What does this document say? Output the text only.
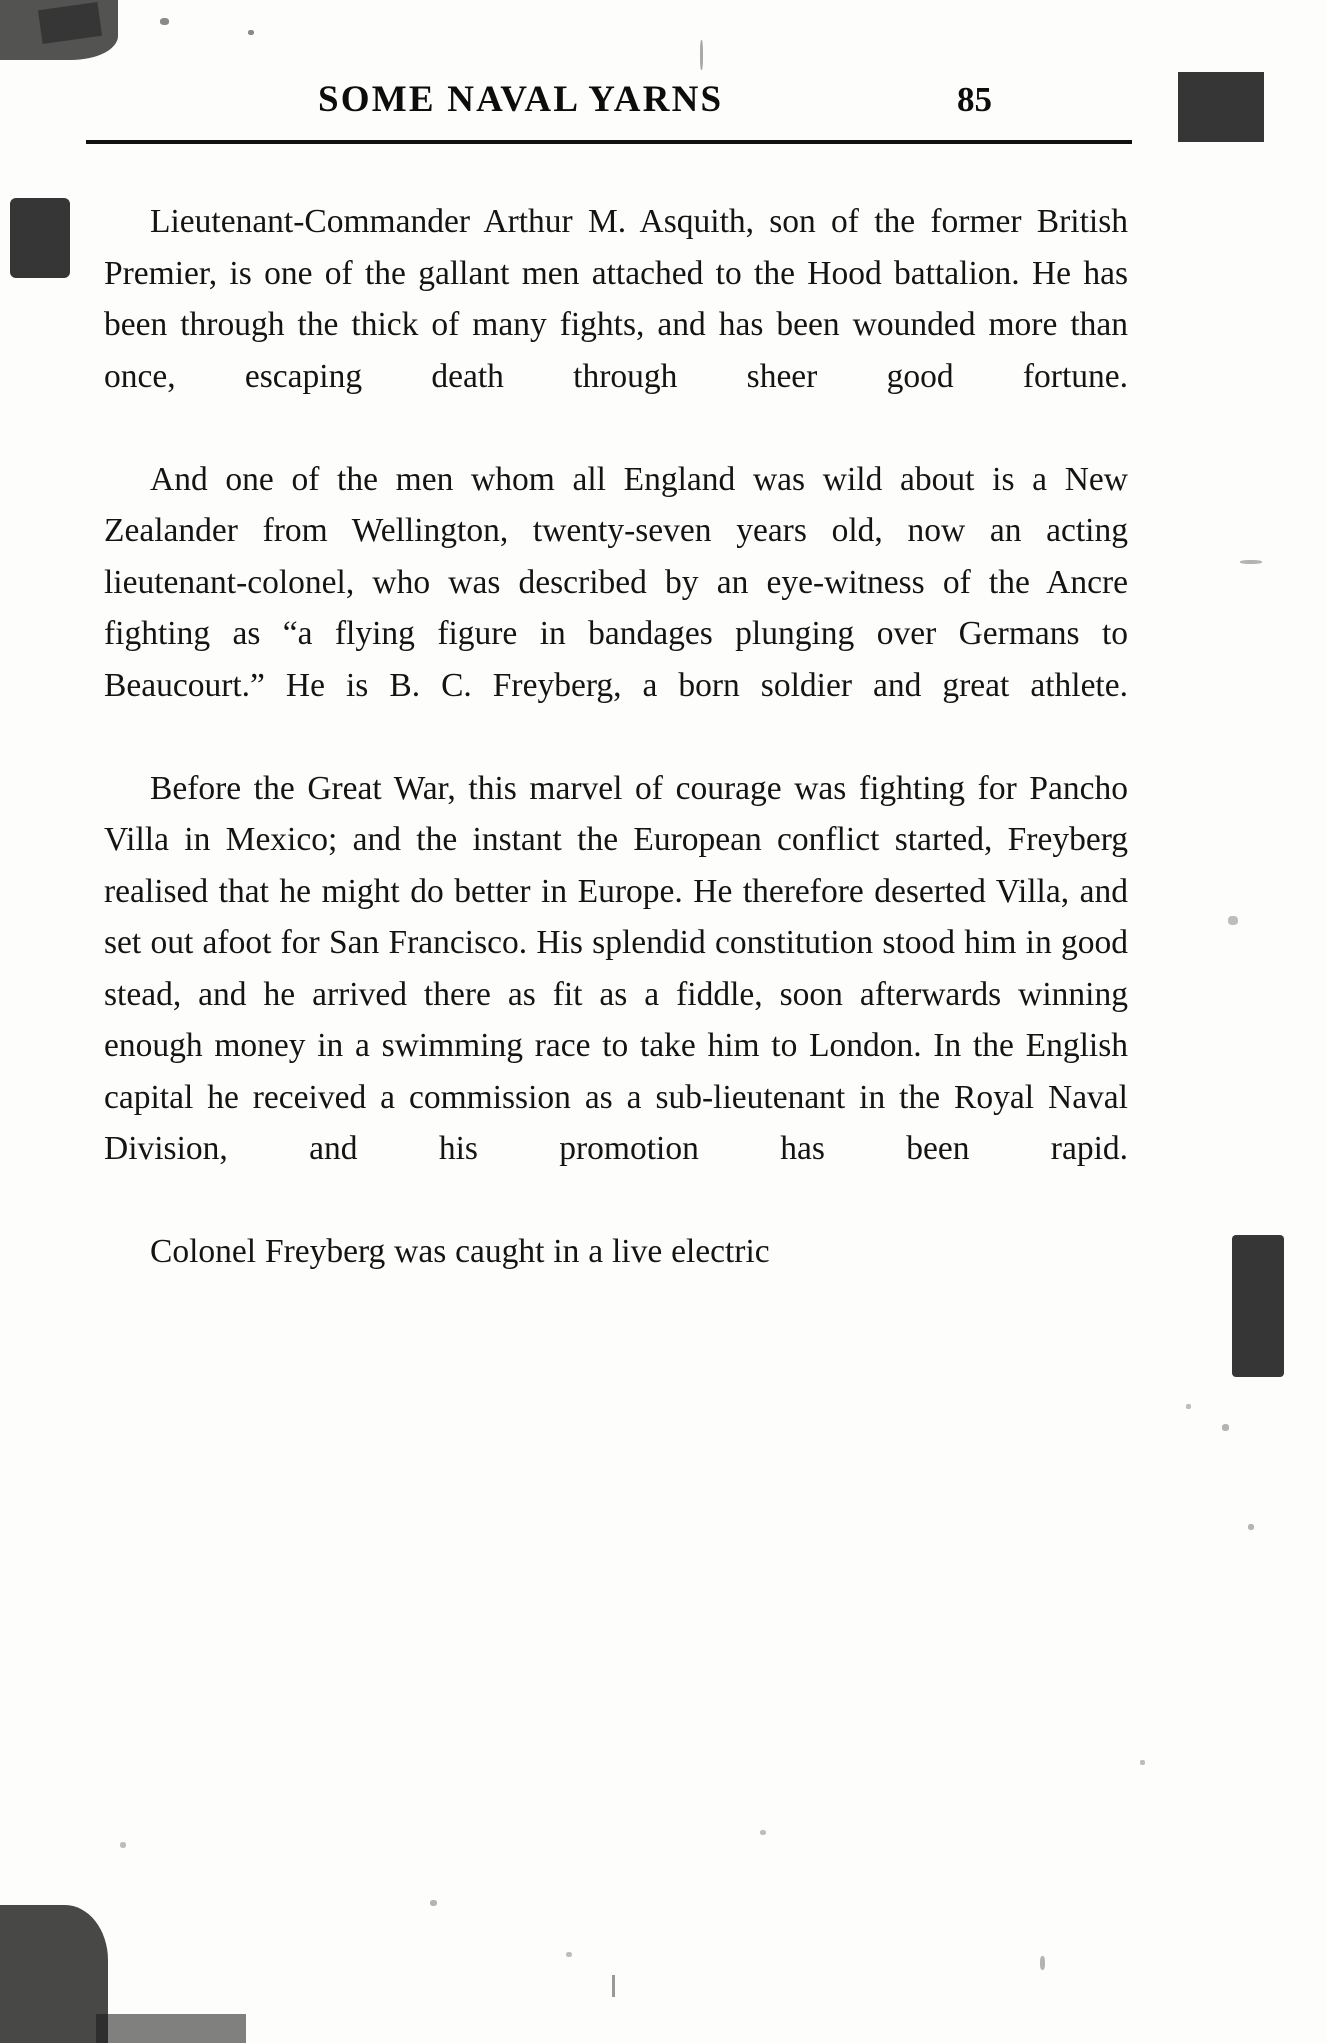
SOME NAVAL YARNS	85

Lieutenant-Commander Arthur M. Asquith, son of the former British Premier, is one of the gallant men attached to the Hood battalion. He has been through the thick of many fights, and has been wounded more than once, escaping death through sheer good fortune.

And one of the men whom all England was wild about is a New Zealander from Wellington, twenty-seven years old, now an acting lieutenant-colonel, who was described by an eye-witness of the Ancre fighting as “a flying figure in bandages plunging over Germans to Beaucourt.” He is B. C. Freyberg, a born soldier and great athlete.

Before the Great War, this marvel of courage was fighting for Pancho Villa in Mexico; and the instant the European conflict started, Freyberg realised that he might do better in Europe. He therefore deserted Villa, and set out afoot for San Francisco. His splendid constitution stood him in good stead, and he arrived there as fit as a fiddle, soon afterwards winning enough money in a swimming race to take him to London. In the English capital he received a commission as a sub-lieutenant in the Royal Naval Division, and his promotion has been rapid.

Colonel Freyberg was caught in a live electric
